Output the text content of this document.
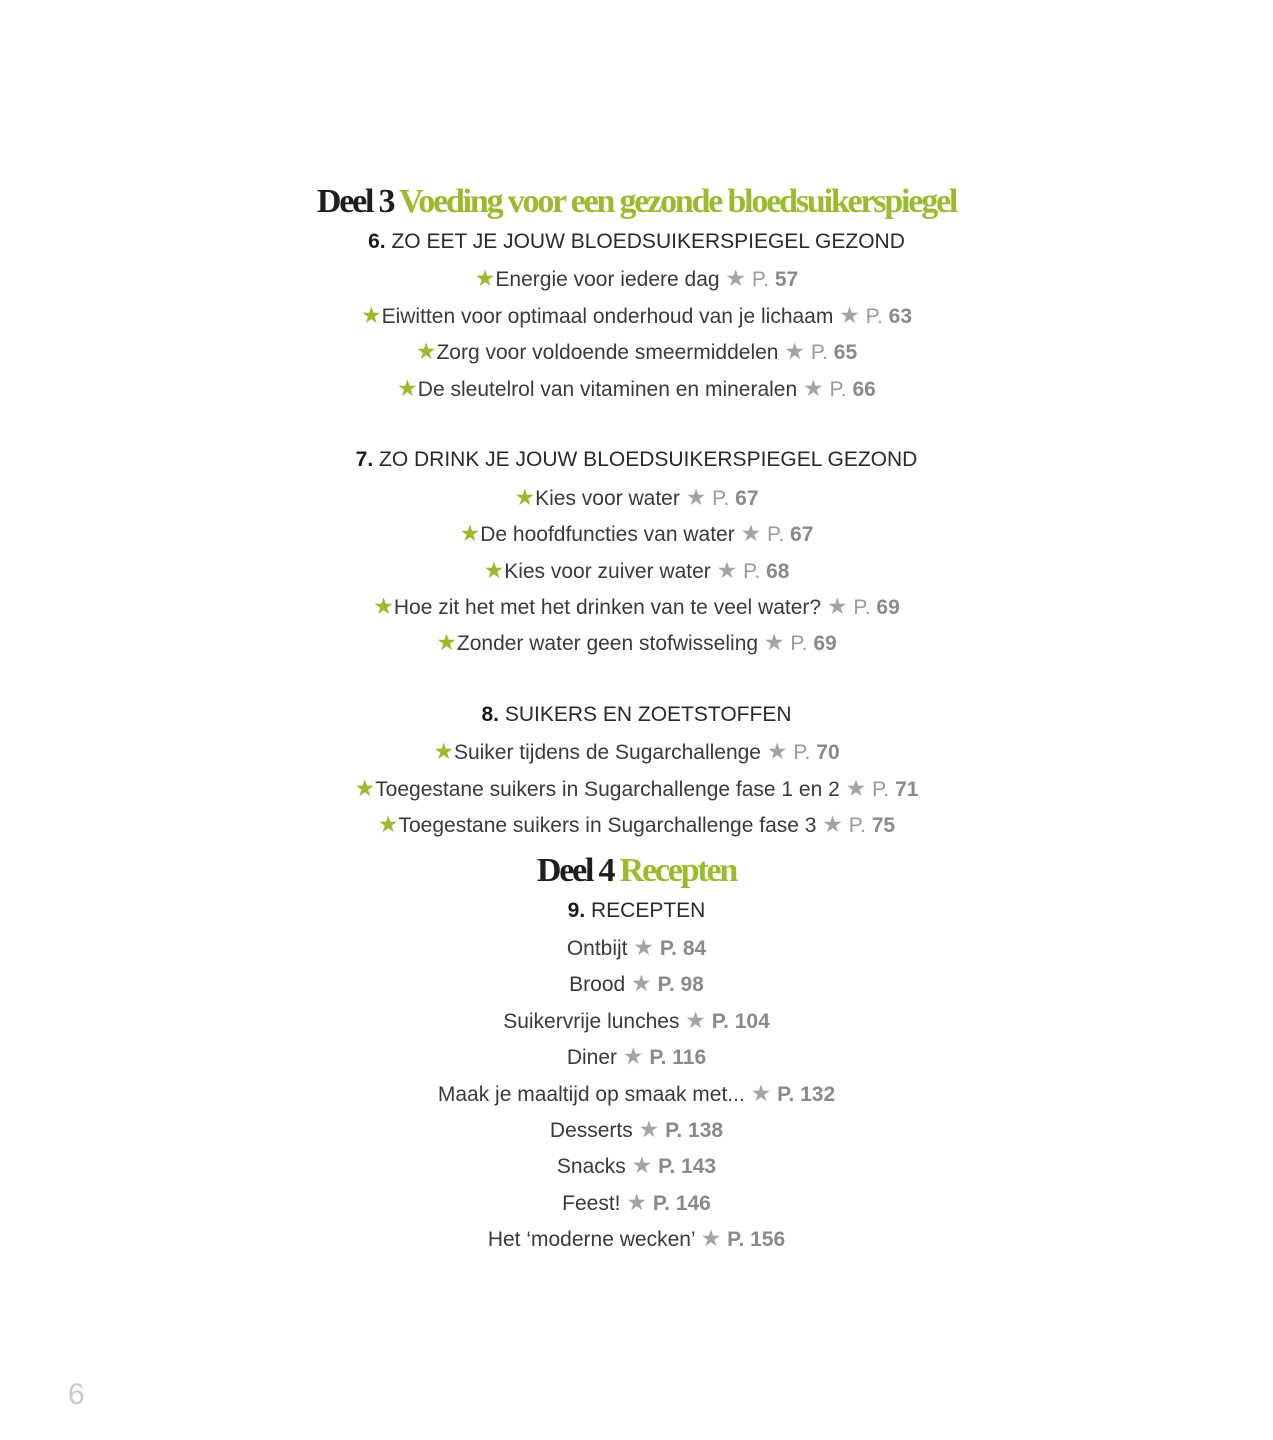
Deel 3 Voeding voor een gezonde bloedsuikerspiegel
6. ZO EET JE JOUW BLOEDSUIKERSPIEGEL GEZOND
★Energie voor iedere dag ★ P. 57
★Eiwitten voor optimaal onderhoud van je lichaam ★ P. 63
★Zorg voor voldoende smeermiddelen ★ P. 65
★De sleutelrol van vitaminen en mineralen ★ P. 66
7. ZO DRINK JE JOUW BLOEDSUIKERSPIEGEL GEZOND
★Kies voor water ★ P. 67
★De hoofdfuncties van water ★ P. 67
★Kies voor zuiver water ★ P. 68
★Hoe zit het met het drinken van te veel water? ★ P. 69
★Zonder water geen stofwisseling ★ P. 69
8. SUIKERS EN ZOETSTOFFEN
★Suiker tijdens de Sugarchallenge ★ P. 70
★Toegestane suikers in Sugarchallenge fase 1 en 2 ★ P. 71
★Toegestane suikers in Sugarchallenge fase 3 ★ P. 75
Deel 4 Recepten
9. RECEPTEN
Ontbijt ★ P. 84
Brood ★ P. 98
Suikervrije lunches ★ P. 104
Diner ★ P. 116
Maak je maaltijd op smaak met... ★ P. 132
Desserts ★ P. 138
Snacks ★ P. 143
Feest! ★ P. 146
Het ‘moderne wecken’ ★ P. 156
6
